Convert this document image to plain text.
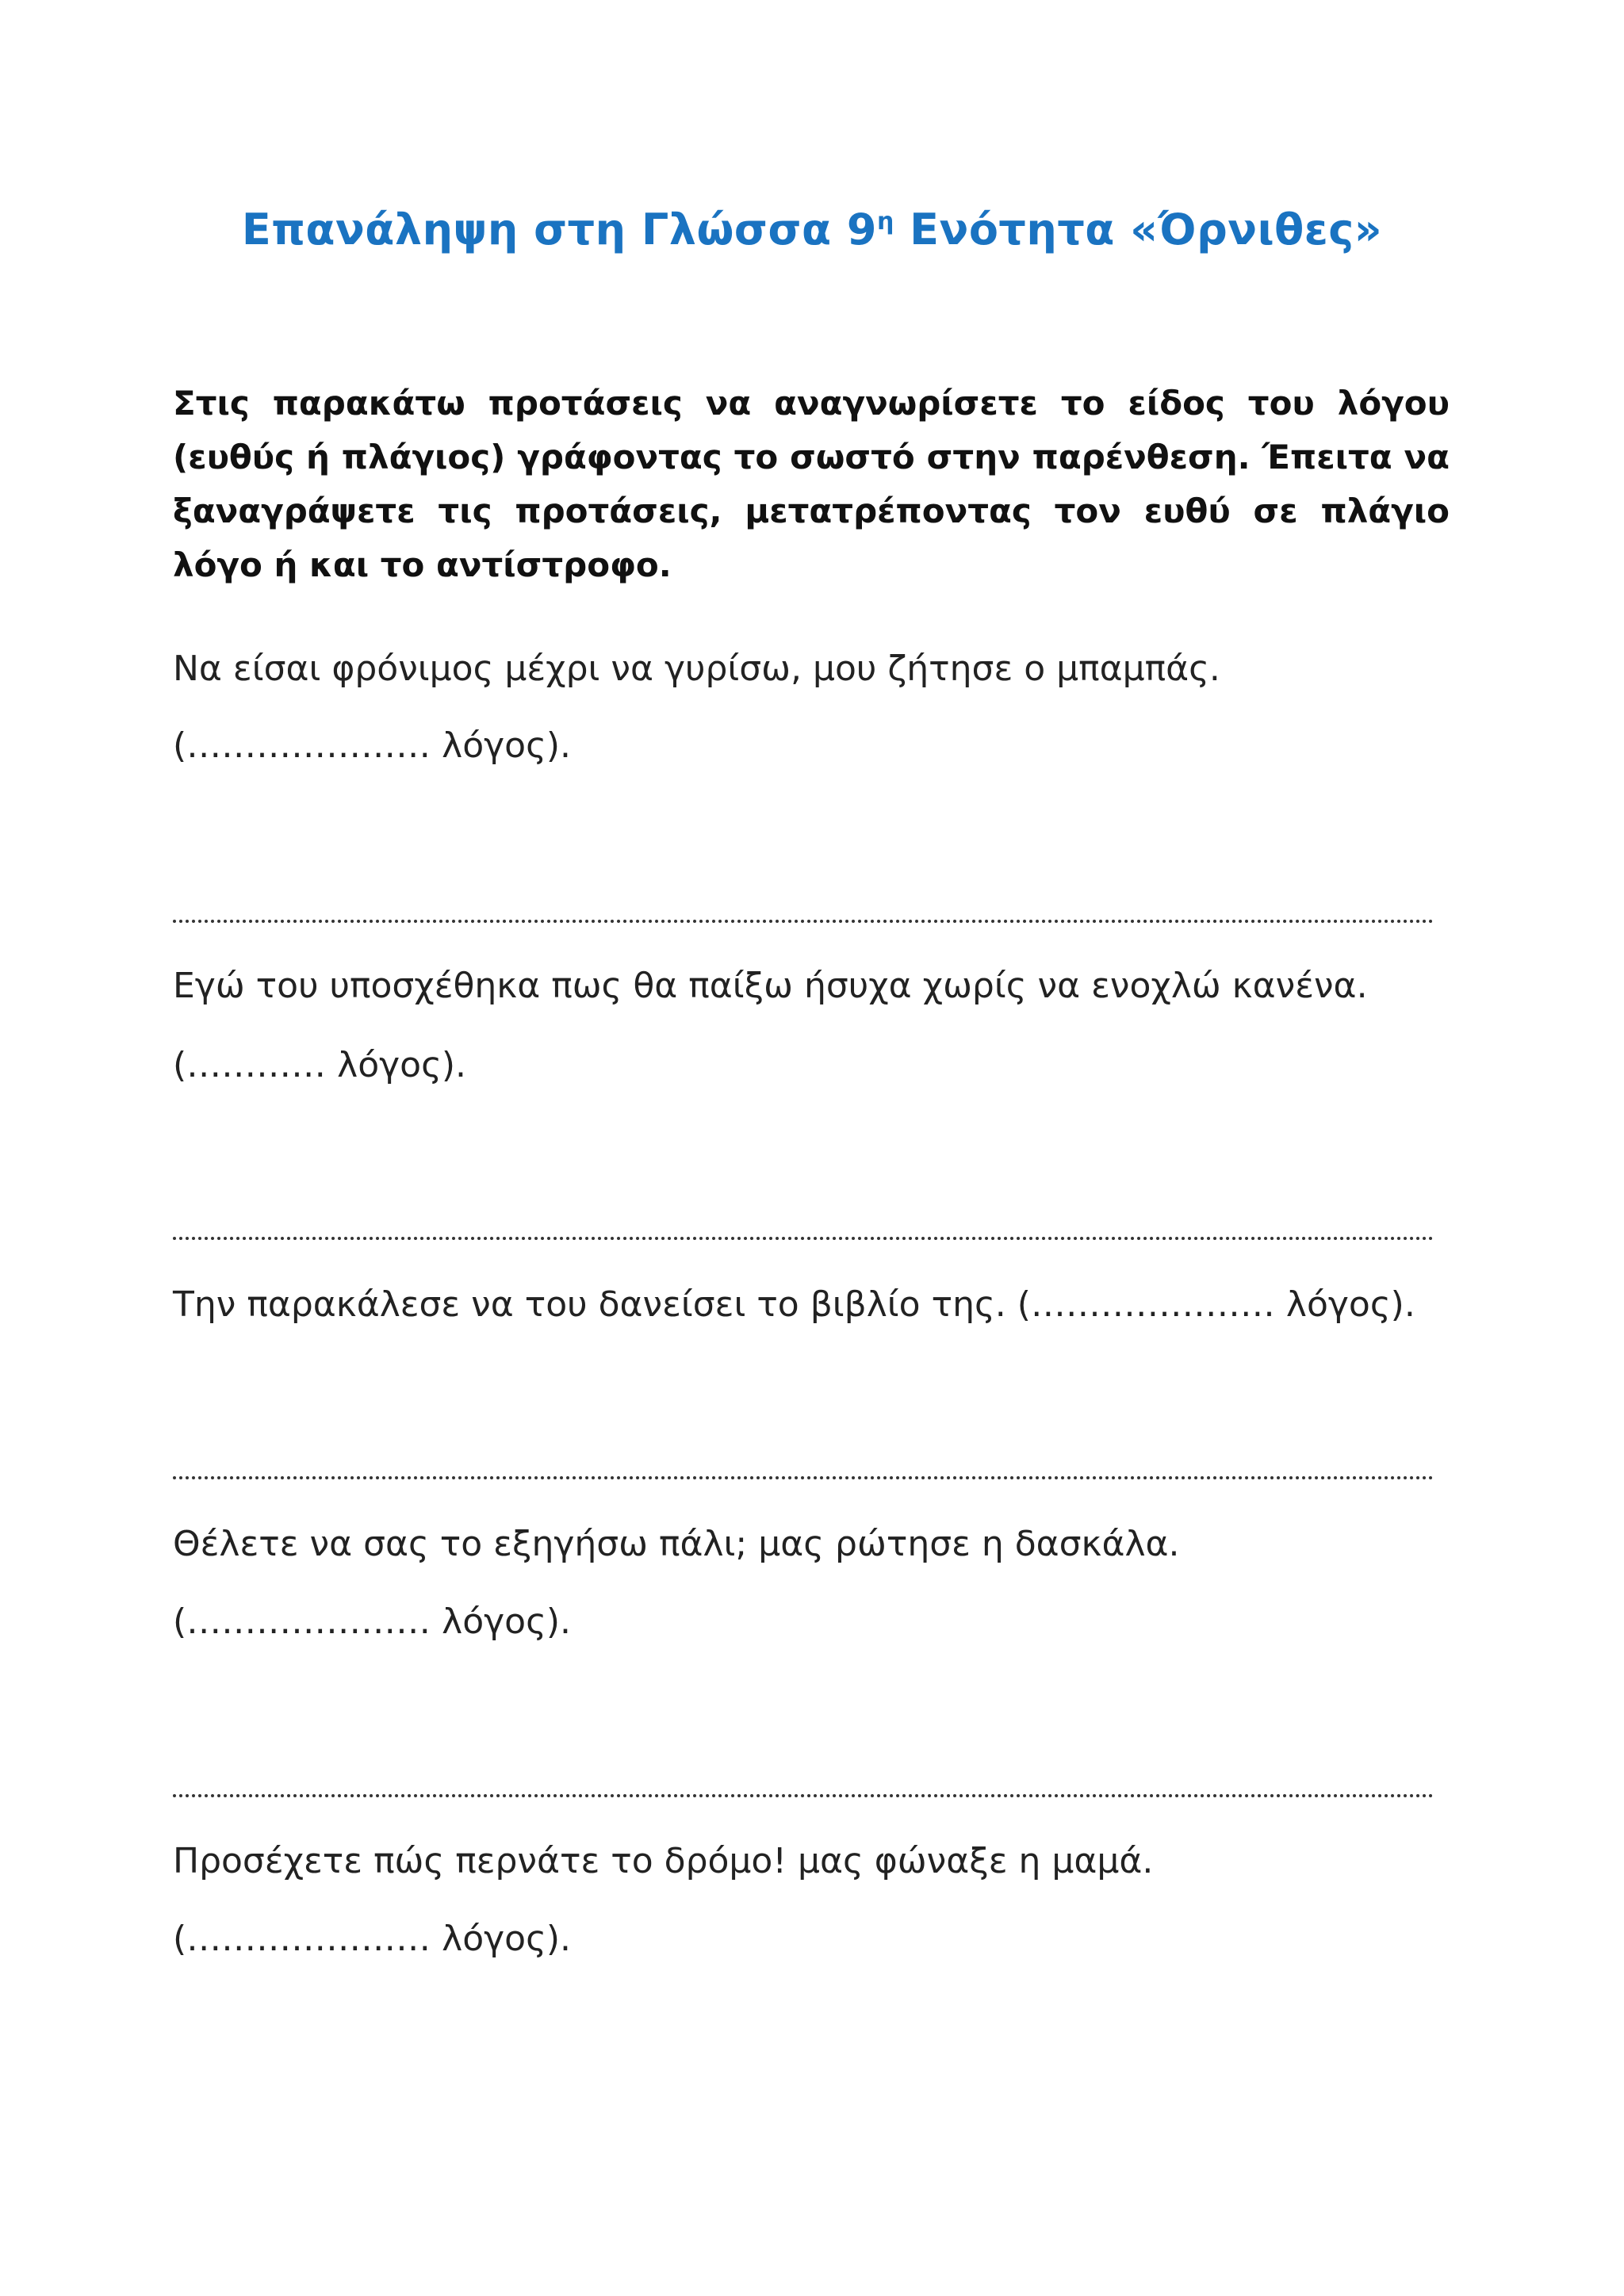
Επανάληψη στη Γλώσσα $9^\eta$ Ενότητα «Όρνιθες»
Στις παρακάτω προτάσεις να αναγνωρίσετε το είδος του λόγου (ευθύς ή πλάγιος) γράφοντας το σωστό στην παρένθεση. Έπειτα να ξαναγράψετε τις προτάσεις, μετατρέποντας τον ευθύ σε πλάγιο λόγο ή και το αντίστροφο.
Να είσαι φρόνιμος μέχρι να γυρίσω, μου ζήτησε ο μπαμπάς.
(………………… λόγος).
Εγώ του υποσχέθηκα πως θα παίξω ήσυχα χωρίς να ενοχλώ κανένα.
(………… λόγος).
Την παρακάλεσε να του δανείσει το βιβλίο της. (………………… λόγος).
Θέλετε να σας το εξηγήσω πάλι; μας ρώτησε η δασκάλα.
(………………… λόγος).
Προσέχετε πώς περνάτε το δρόμο! μας φώναξε η μαμά.
(………………… λόγος).
